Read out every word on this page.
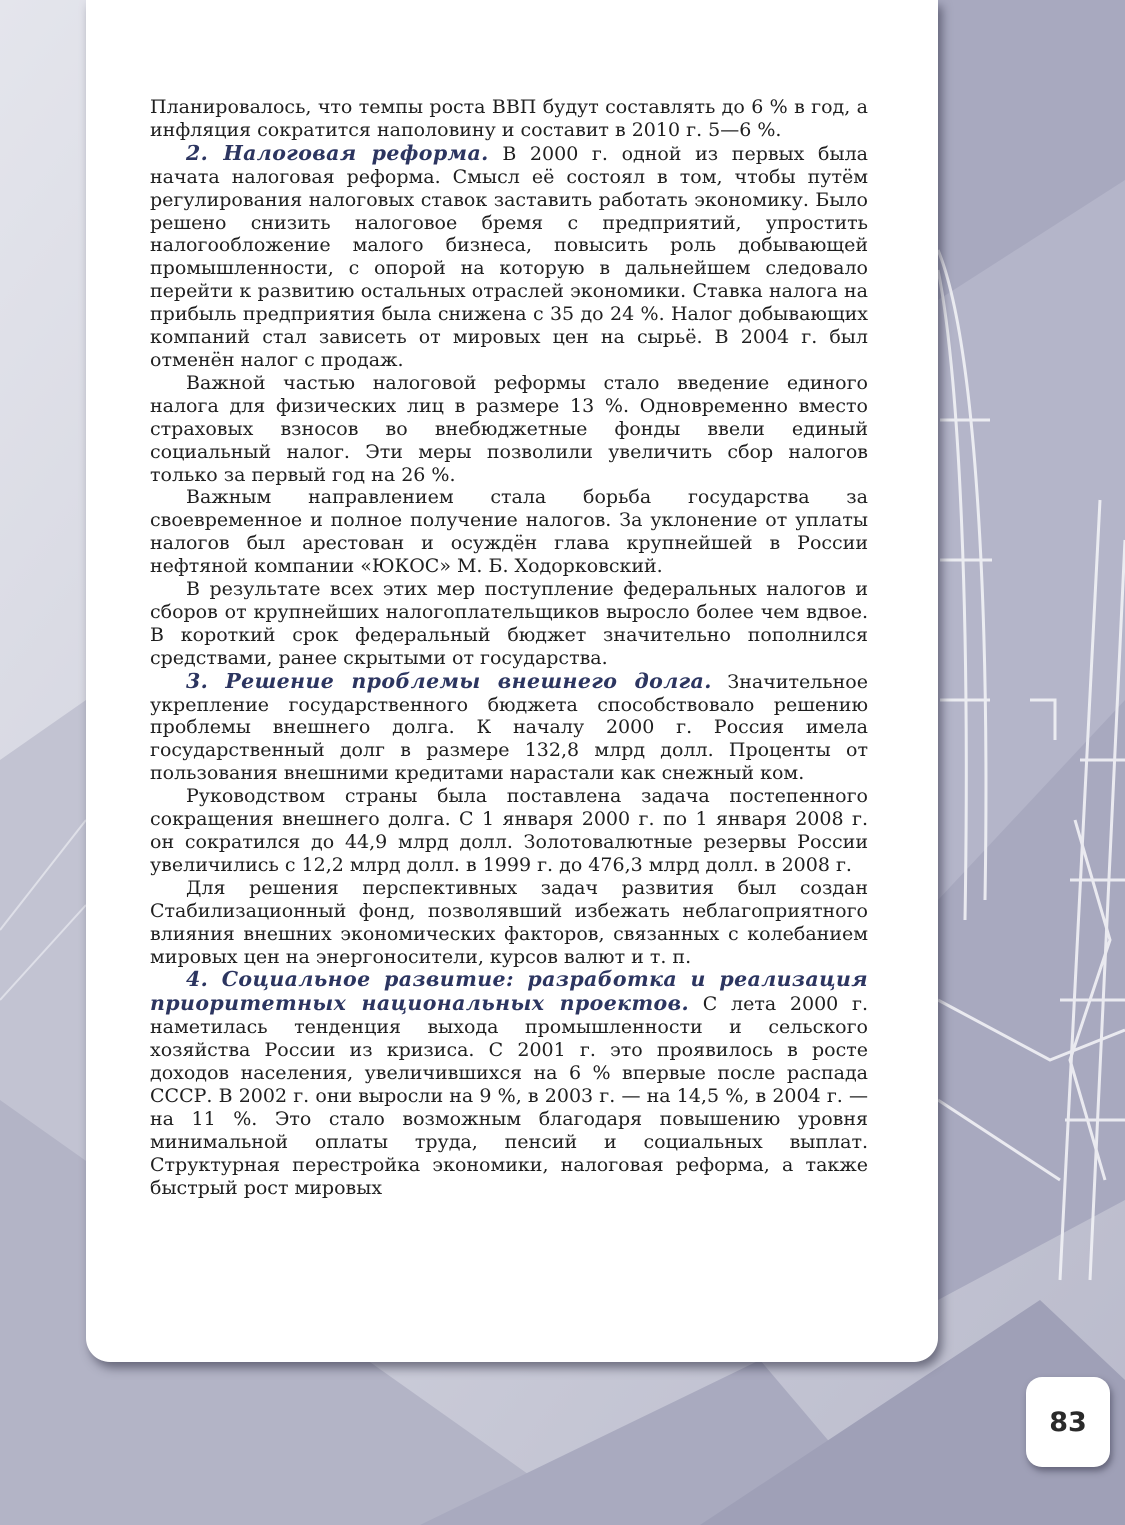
Планировалось, что темпы роста ВВП будут составлять до 6 % в год, а инфляция сократится наполовину и составит в 2010 г. 5—6 %.

2. Налоговая реформа. В 2000 г. одной из первых была начата налоговая реформа. Смысл её состоял в том, чтобы путём регулирования налоговых ставок заставить работать экономику. Было решено снизить налоговое бремя с предприятий, упростить налогообложение малого бизнеса, повысить роль добывающей промышленности, с опорой на которую в дальнейшем следовало перейти к развитию остальных отраслей экономики. Ставка налога на прибыль предприятия была снижена с 35 до 24 %. Налог добывающих компаний стал зависеть от мировых цен на сырьё. В 2004 г. был отменён налог с продаж.

Важной частью налоговой реформы стало введение единого налога для физических лиц в размере 13 %. Одновременно вместо страховых взносов во внебюджетные фонды ввели единый социальный налог. Эти меры позволили увеличить сбор налогов только за первый год на 26 %.

Важным направлением стала борьба государства за своевременное и полное получение налогов. За уклонение от уплаты налогов был арестован и осуждён глава крупнейшей в России нефтяной компании «ЮКОС» М. Б. Ходорковский.

В результате всех этих мер поступление федеральных налогов и сборов от крупнейших налогоплательщиков выросло более чем вдвое. В короткий срок федеральный бюджет значительно пополнился средствами, ранее скрытыми от государства.

3. Решение проблемы внешнего долга. Значительное укрепление государственного бюджета способствовало решению проблемы внешнего долга. К началу 2000 г. Россия имела государственный долг в размере 132,8 млрд долл. Проценты от пользования внешними кредитами нарастали как снежный ком.

Руководством страны была поставлена задача постепенного сокращения внешнего долга. С 1 января 2000 г. по 1 января 2008 г. он сократился до 44,9 млрд долл. Золотовалютные резервы России увеличились с 12,2 млрд долл. в 1999 г. до 476,3 млрд долл. в 2008 г.

Для решения перспективных задач развития был создан Стабилизационный фонд, позволявший избежать неблагоприятного влияния внешних экономических факторов, связанных с колебанием мировых цен на энергоносители, курсов валют и т. п.

4. Социальное развитие: разработка и реализация приоритетных национальных проектов. С лета 2000 г. наметилась тенденция выхода промышленности и сельского хозяйства России из кризиса. С 2001 г. это проявилось в росте доходов населения, увеличившихся на 6 % впервые после распада СССР. В 2002 г. они выросли на 9 %, в 2003 г. — на 14,5 %, в 2004 г. — на 11 %. Это стало возможным благодаря повышению уровня минимальной оплаты труда, пенсий и социальных выплат. Структурная перестройка экономики, налоговая реформа, а также быстрый рост мировых

83
